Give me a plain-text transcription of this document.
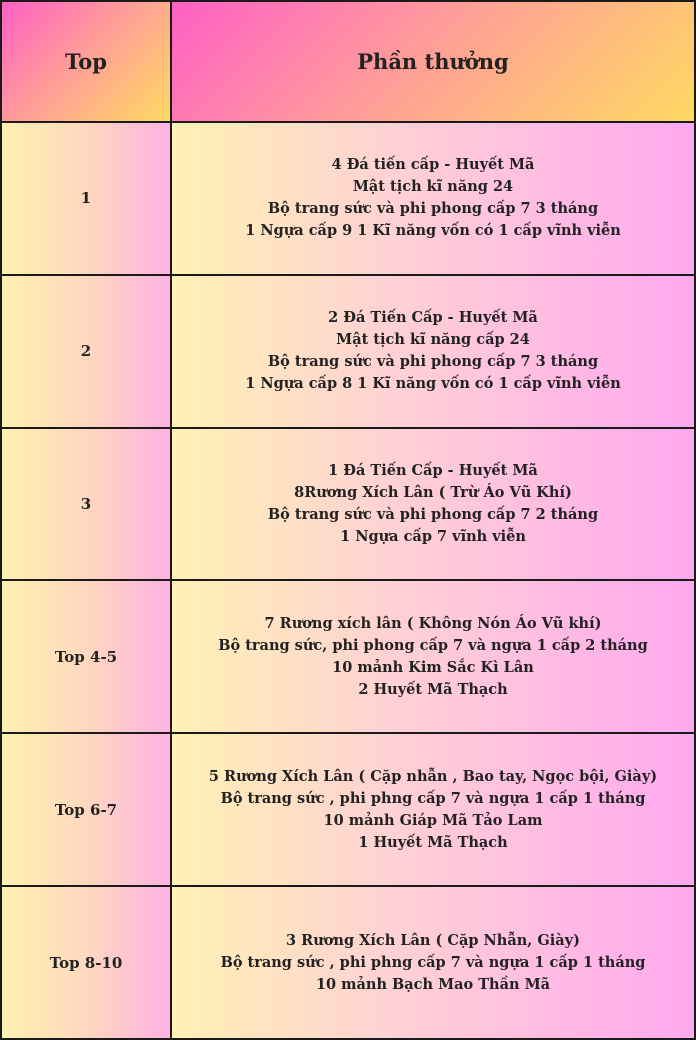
Top	Phần thưởng
1
4 Đá tiến cấp - Huyết Mã
Mật tịch kĩ năng 24
Bộ trang sức và phi phong cấp 7 3 tháng
1 Ngựa cấp 9 1 Kĩ năng vốn có 1 cấp vĩnh viễn
2
2 Đá Tiến Cấp - Huyết Mã
Mật tịch kĩ năng cấp 24
Bộ trang sức và phi phong cấp 7 3 tháng
1 Ngựa cấp 8 1 Kĩ năng vốn có 1 cấp vĩnh viễn
3
1 Đá Tiến Cấp - Huyết Mã
8Rương Xích Lân ( Trừ Áo Vũ Khí)
Bộ trang sức và phi phong cấp 7 2 tháng
1 Ngựa cấp 7 vĩnh viễn
Top 4-5
7 Rương xích lân ( Không Nón Áo Vũ khí)
Bộ trang sức, phi phong cấp 7 và ngựa 1 cấp 2 tháng
10 mảnh Kim Sắc Kì Lân
2 Huyết Mã Thạch
Top 6-7
5 Rương Xích Lân ( Cặp nhẫn , Bao tay, Ngọc bội, Giày)
Bộ trang sức , phi phng cấp 7 và ngựa 1 cấp 1 tháng
10 mảnh Giáp Mã Tảo Lam
1 Huyết Mã Thạch
Top 8-10
3 Rương Xích Lân ( Cặp Nhẫn, Giày)
Bộ trang sức , phi phng cấp 7 và ngựa 1 cấp 1 tháng
10 mảnh Bạch Mao Thần Mã
